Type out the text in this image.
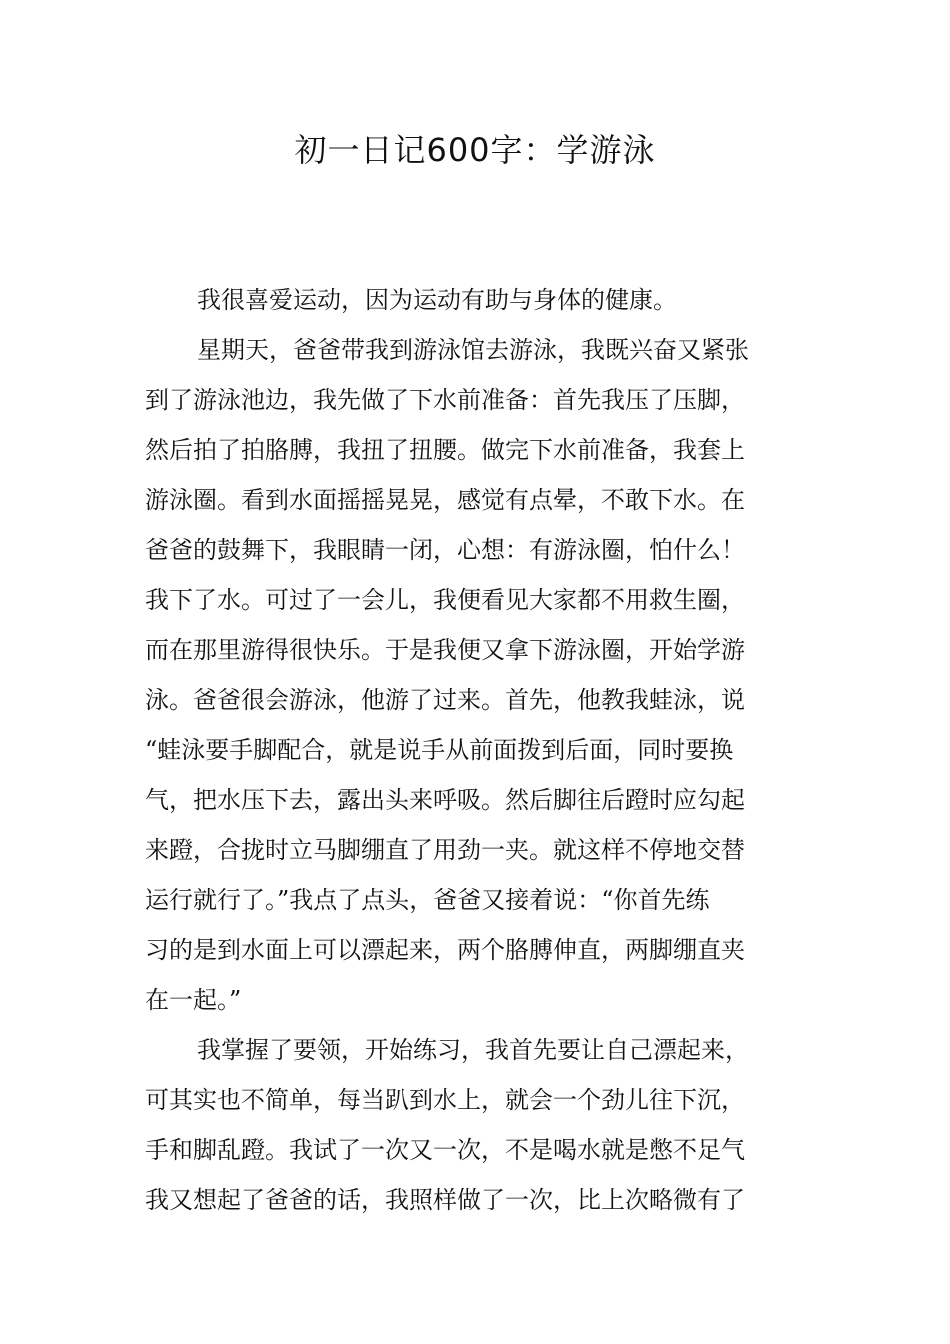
初一日记600字：学游泳
我很喜爱运动，因为运动有助与身体的健康。
星期天，爸爸带我到游泳馆去游泳，我既兴奋又紧张
到了游泳池边，我先做了下水前准备：首先我压了压脚，
然后拍了拍胳膊，我扭了扭腰。做完下水前准备，我套上
游泳圈。看到水面摇摇晃晃，感觉有点晕，不敢下水。在
爸爸的鼓舞下，我眼睛一闭，心想：有游泳圈，怕什么！
我下了水。可过了一会儿，我便看见大家都不用救生圈，
而在那里游得很快乐。于是我便又拿下游泳圈，开始学游
泳。爸爸很会游泳，他游了过来。首先，他教我蛙泳，说
“蛙泳要手脚配合，就是说手从前面拨到后面，同时要换
气，把水压下去，露出头来呼吸。然后脚往后蹬时应勾起
来蹬，合拢时立马脚绷直了用劲一夹。就这样不停地交替
运行就行了。”我点了点头，爸爸又接着说：“你首先练
习的是到水面上可以漂起来，两个胳膊伸直，两脚绷直夹
在一起。”
我掌握了要领，开始练习，我首先要让自己漂起来，
可其实也不简单，每当趴到水上，就会一个劲儿往下沉，
手和脚乱蹬。我试了一次又一次，不是喝水就是憋不足气
我又想起了爸爸的话，我照样做了一次，比上次略微有了
